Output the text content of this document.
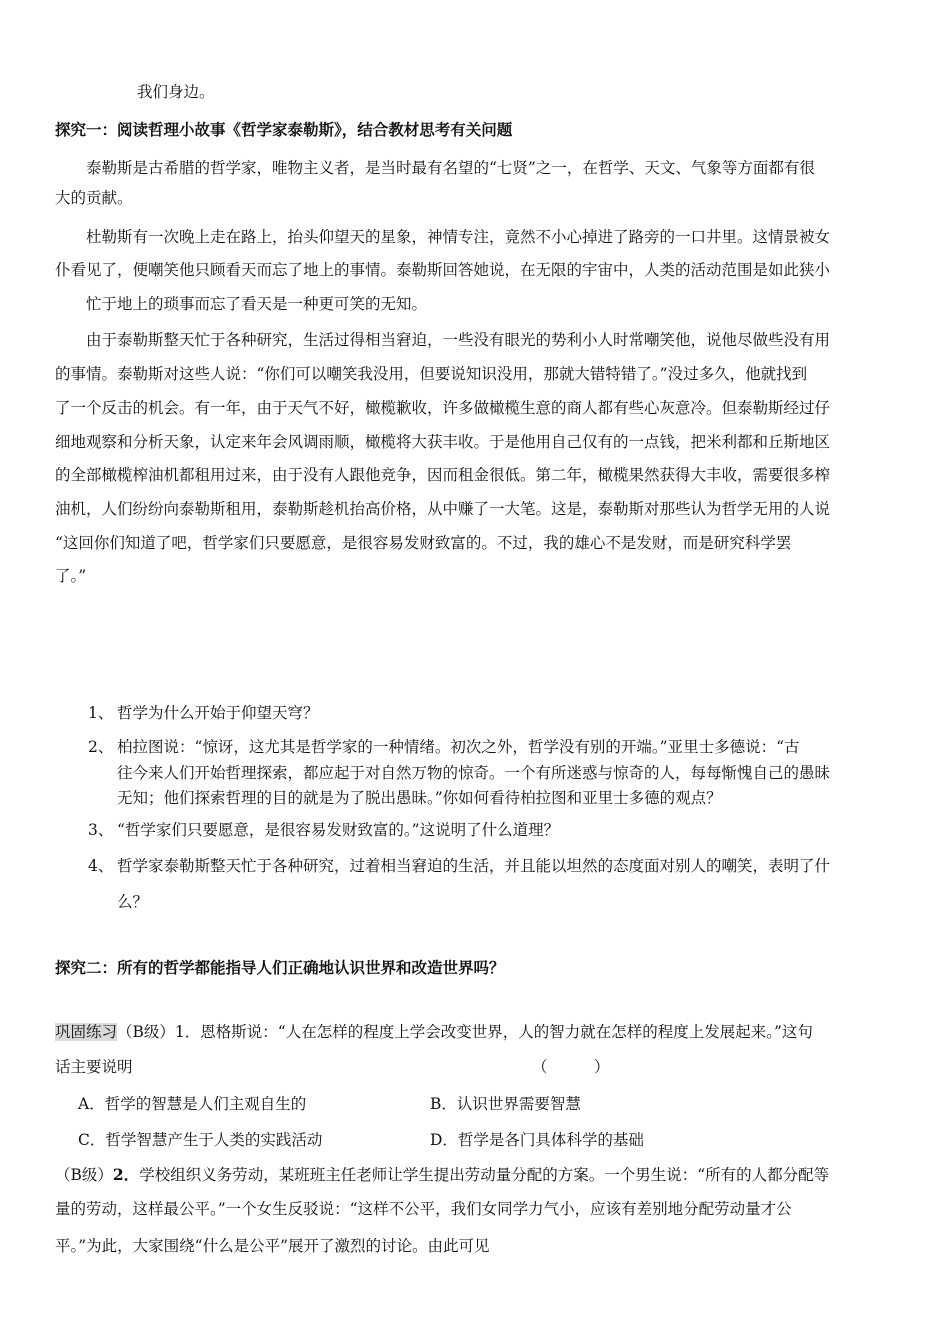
我们身边。
探究一：阅读哲理小故事《哲学家泰勒斯》，结合教材思考有关问题
泰勒斯是古希腊的哲学家，唯物主义者，是当时最有名望的“七贤”之一，在哲学、天文、气象等方面都有很
大的贡献。
杜勒斯有一次晚上走在路上，抬头仰望天的星象，神情专注，竟然不小心掉进了路旁的一口井里。这情景被女
仆看见了，便嘲笑他只顾看天而忘了地上的事情。泰勒斯回答她说，在无限的宇宙中，人类的活动范围是如此狭小
忙于地上的琐事而忘了看天是一种更可笑的无知。
由于泰勒斯整天忙于各种研究，生活过得相当窘迫，一些没有眼光的势利小人时常嘲笑他，说他尽做些没有用
的事情。泰勒斯对这些人说：“你们可以嘲笑我没用，但要说知识没用，那就大错特错了。”没过多久，他就找到
了一个反击的机会。有一年，由于天气不好，橄榄歉收，许多做橄榄生意的商人都有些心灰意冷。但泰勒斯经过仔
细地观察和分析天象，认定来年会风调雨顺，橄榄将大获丰收。于是他用自己仅有的一点钱，把米利都和丘斯地区
的全部橄榄榨油机都租用过来，由于没有人跟他竞争，因而租金很低。第二年，橄榄果然获得大丰收，需要很多榨
油机，人们纷纷向泰勒斯租用，泰勒斯趁机抬高价格，从中赚了一大笔。这是，泰勒斯对那些认为哲学无用的人说
“这回你们知道了吧，哲学家们只要愿意，是很容易发财致富的。不过，我的雄心不是发财，而是研究科学罢
了。”
1、 哲学为什么开始于仰望天穹？
2、 柏拉图说：“惊讶，这尤其是哲学家的一种情绪。初次之外，哲学没有别的开端。”亚里士多德说：“古
往今来人们开始哲理探索，都应起于对自然万物的惊奇。一个有所迷惑与惊奇的人，每每惭愧自己的愚昧
无知；他们探索哲理的目的就是为了脱出愚昧。”你如何看待柏拉图和亚里士多德的观点？
3、 “哲学家们只要愿意，是很容易发财致富的。”这说明了什么道理？
4、 哲学家泰勒斯整天忙于各种研究，过着相当窘迫的生活，并且能以坦然的态度面对别人的嘲笑，表明了什
么？
探究二：所有的哲学都能指导人们正确地认识世界和改造世界吗？
巩固练习（B级）1．恩格斯说：“人在怎样的程度上学会改变世界，人的智力就在怎样的程度上发展起来。”这句
话主要说明	（　　　）
A．哲学的智慧是人们主观自生的	B．认识世界需要智慧
C．哲学智慧产生于人类的实践活动	D．哲学是各门具体科学的基础
（B级）2．学校组织义务劳动，某班班主任老师让学生提出劳动量分配的方案。一个男生说：“所有的人都分配等
量的劳动，这样最公平。”一个女生反驳说：“这样不公平，我们女同学力气小，应该有差别地分配劳动量才公
平。”为此，大家围绕“什么是公平”展开了激烈的讨论。由此可见
